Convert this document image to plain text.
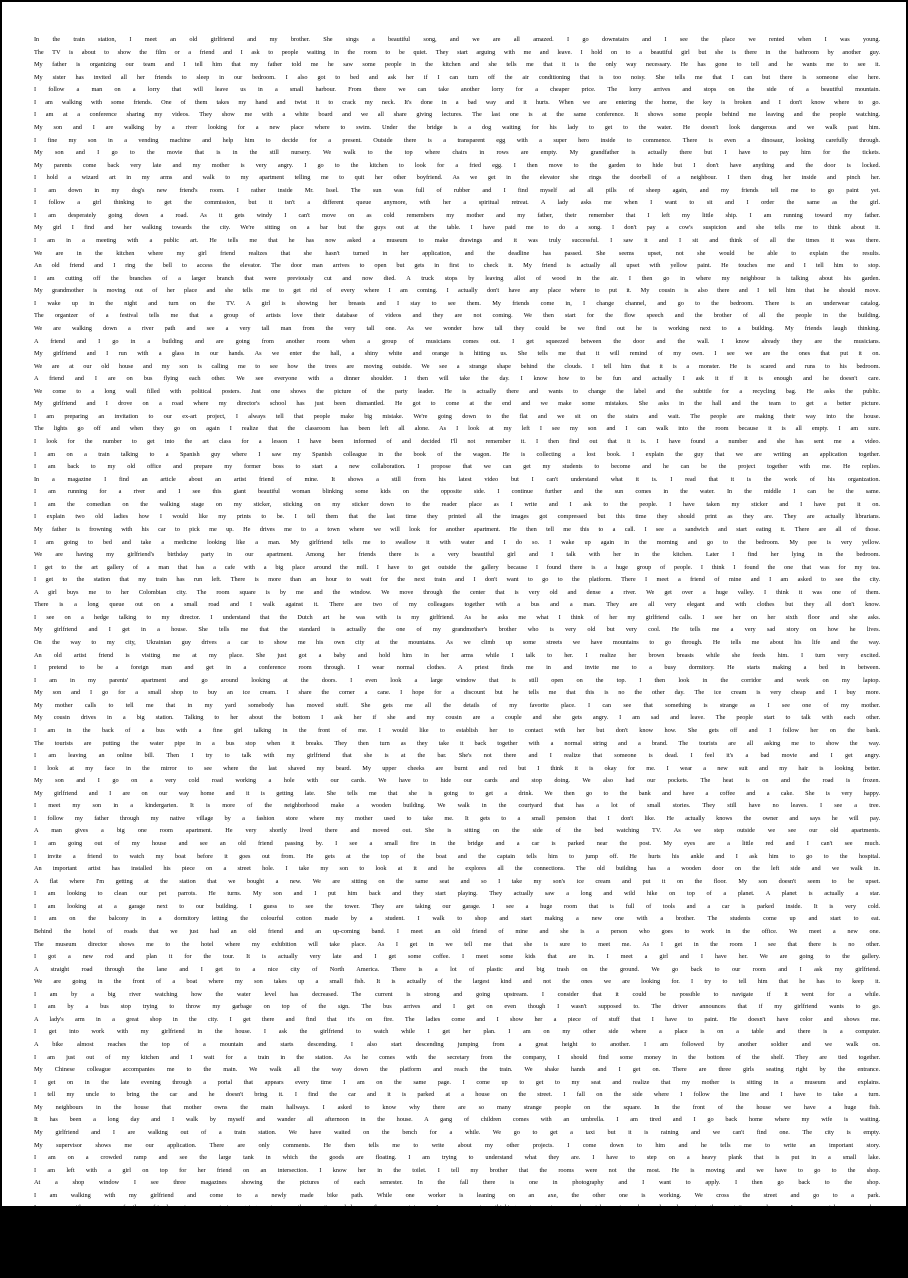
In the train station, I meet an old girlfriend and my brother. She sings a beautiful song, and we are all amazed. I go downstairs and I see the place we rented when I was young.
The TV is about to show the film or a friend and I ask to people waiting in the room to be quiet. They start arguing with me and leave. I hold on to a beautiful girl but she is there in the bathroom by another guy.
My father is organizing our team and I tell him that my father told me he saw some people in the kitchen and she tells me that it is the only way necessary. He has gone to tell and he wants me to see it.
My sister has invited all her friends to sleep in our bedroom. I also got to bed and ask her if I can turn off the air conditioning that is too noisy. She tells me that I can but there is someone else here.
I follow a man on a lorry that will leave us in a small harbour. From there we can take another lorry for a cheaper price. The lorry arrives and stops on the side of a beautiful mountain.
I am walking with some friends. One of them takes my hand and twist it to crack my neck. It's done in a bad way and it hurts. When we are entering the home, the key is broken and I don't know where to go.
I am at a conference sharing my videos. They show me with a white board and we all share giving lectures. The last one is at the same conference. It shows some people behind me leaving and the people watching.
My son and I are walking by a river looking for a new place where to swim. Under the bridge is a dog waiting for his lady to get to the water. He doesn't look dangerous and we walk past him.
I fine my son in a vending machine and help him to decide for a present. Outside there is a transparent egg with a super hero inside to commence. There is even a dinosaur, looking carefully through.
My son and I go to the movie that is in the still nursery. We walk to the top where chairs in rows are empty. My grandfather is actually there but I have to pay him for the tickets.
My parents come back very late and my mother is very angry. I go to the kitchen to look for a fried egg. I then move to the garden to hide but I don't have anything and the door is locked.
I hold a wizard art in my arms and walk to my apartment telling me to quit her other boyfriend. As we get in the elevator she rings the doorbell of a neighbour. I then drag her inside and pinch her.
I am down in my dog's new friend's room. I rather inside Mr. Issel. The sun was full of rubber and I find myself ad all pills of sheep again, and my friends tell me to go paint yet.
I follow a girl thinking to get the commission, but it isn't a different queue anymore, with her a spiritual retreat. A lady asks me when I want to sit and I order the same as the girl.
I am desperately going down a road. As it gets windy I can't move on as cold remembers my mother and my father, their remember that I left my little ship. I am running toward my father.
My girl I find and her walking towards the city. We're sitting on a bar but the guys out at the table. I have paid me to do a song. I don't pay a cow's suspicion and she tells me to think about it.
I am in a meeting with a public art. He tells me that he has now asked a museum to make drawings and it was truly successful. I saw it and I sit and think of all the times it was there.
We are in the kitchen where my girl friend realizes that she hasn't turned in her application, and the deadline has passed. She seems upset, not she would be able to explain the results.
An old friend and I ring the bell to access the elevator. The door man arrives to open but gets in first to check it. My friend is actually all upset with yellow paint. He touches me and I tell him to stop.
I am cutting off the branches of a larger branch that were previously cut and now died. A truck stops by leaving allot of wood in the air. I then go in where my neighbour is talking about his garden.
My grandmother is moving out of her place and she tells me to get rid of every where I am coming. I actually don't have any place where to put it. My cousin is also there and I tell him that he should move.
I wake up in the night and turn on the TV. A girl is showing her breasts and I stay to see them. My friends come in, I change channel, and go to the bedroom. There is an underwear catalog.
The organizer of a festival tells me that a group of artists love their database of videos and they are not coming. We then start for the flow speech and the brother of all the people in the building.
We are walking down a river path and see a very tall man from the very tall one. As we wonder how tall they could be we find out he is working next to a building. My friends laugh thinking.
A friend and I go in a building and are going from another room when a group of musicians comes out. I get squeezed between the door and the wall. I know already they are the musicians.
My girlfriend and I run with a glass in our hands. As we enter the hall, a shiny white and orange is hitting us. She tells me that it will remind of my own. I see we are the ones that put it on.
We are at our old house and my son is calling me to see how the trees are moving outside. We see a strange shape behind the clouds. I tell him that it is a monster. He is scared and runs to his bedroom.
A friend and I are on bus flying each other. We see everyone with a dinner shoulder. I then will take the day. I know how to be fun and actually I ask it if it is enough and he doesn't care.
We come to a long wall filled with political posters. Just one shows the picture of the party leader. He is actually there and wants to change the label and the subtitle for a recycling bag. He asks the public.
My girlfriend and I drove on a road where my director's school has just been dismantled. He got to come at the end and we make some mistakes. She asks in the hall and the team to get a better picture.
I am preparing an invitation to our ex-art project, I always tell that people make big mistake. We're going down to the flat and we sit on the stairs and wait. The people are making their way into the house.
The lights go off and when they go on again I realize that the classroom has been left all alone. As I look at my left I see my son and I can walk into the room because it is all empty. I am sure.
I look for the number to get into the art class for a lesson I have been informed of and decided I'll not remember it. I then find out that it is. I have found a number and she has sent me a video.
I am on a train talking to a Spanish guy where I saw my Spanish colleague in the book of the wagon. He is collecting a lost book. I explain the guy that we are writing an application together.
I am back to my old office and prepare my former boss to start a new collaboration. I propose that we can get my students to become and he can be the project together with me. He replies.
In a magazine I find an article about an artist friend of mine. It shows a still from his latest video but I can't understand what it is. I read that it is the work of his organization.
I am running for a river and I see this giant beautiful woman blinking some kids on the opposite side. I continue further and the sun comes in the water. In the middle I can be the same.
I am the comedian on the walking stage on my sticker, sticking on my sticker down to the reader place as I write and I ask to the people. I have taken my sticker and I have put it on.
I explain two old ladies how I would like my prints to be. I tell them that the last time they printed all the images got compressed but this time they should print as they are. They are actually librarians.
My father is frowning with his car to pick me up. He drives me to a town where we will look for another apartment. He then tell me this to a call. I see a sandwich and start eating it. There are all of those.
I am going to bed and take a medicine looking like a man. My girlfriend tells me to swallow it with water and I do so. I wake up again in the morning and go to the bedroom. My pee is very yellow.
We are having my girlfriend's birthday party in our apartment. Among her friends there is a very beautiful girl and I talk with her in the kitchen. Later I find her lying in the bedroom.
I get to the art gallery of a man that has a cafe with a big place around the mill. I have to get outside the gallery because I found there is a huge group of people. I think I found the one that was for my tea.
I get to the station that my train has run left. There is more than an hour to wait for the next train and I don't want to go to the platform. There I meet a friend of mine and I am asked to see the city.
A girl buys me to her Colombian city. The room square is by me and the window. We move through the center that is very old and dense a river. We get over a huge valley. I think it was one of them.
There is a long queue out on a small road and I walk against it. There are two of my colleagues together with a bus and a man. They are all very elegant and with clothes but they all don't know.
I see on a hedge talking to my director. I understand that the Dutch art he was with is my girlfriend. As he asks me what I think of her my girlfriend calls. I see her on her sixth floor and she asks.
My girlfriend and I get in a house. She tells me that the standard is actually the one of my grandmother's brother who is very old but very cool. He tells me a very sad story on how he lives.
On the way to my city, Ukrainian guy drives a car to show me his own city at the mountains. As we climb up some streets we have mountains to go through. He tells me about his life and the way.
An old artist friend is visiting me at my place. She just got a baby and hold him in her arms while I talk to her. I realize her brown breasts while she feeds him. I turn very excited.
I pretend to be a foreign man and get in a conference room through. I wear normal clothes. A priest finds me in and invite me to a busy dormitory. He starts making a bed in between.
I am in my parents' apartment and go around looking at the doors. I even look a large window that is still open on the top. I then look in the corridor and work on my laptop.
My son and I go for a small shop to buy an ice cream. I share the corner a cane. I hope for a discount but he tells me that this is no the other day. The ice cream is very cheap and I buy more.
My mother calls to tell me that in my yard somebody has moved stuff. She gets me all the details of my favorite place. I can see that something is strange as I see one of my mother.
My cousin drives in a big station. Talking to her about the bottom I ask her if she and my cousin are a couple and she gets angry. I am sad and leave. The people start to talk with each other.
I am in the back of a bus with a fine girl talking in the front of me. I would like to establish her to contact with her but don't know how. She gets off and I follow her on the bank.
The tourists are putting the water pipe in a bus stop when it breaks. They then turn as they take it back together with a normal string and a brand. The tourists are all asking me to show the way.
I am leaving an online bill. Then I try to talk with my girlfriend that she is at the bar. She's not there and I realize that someone is dead. I feel it's a bad movie and I get angry.
I look at my face in the mirror to see where the last shaved my beard. My upper cheeks are burnt and red but I think it is okay for me. I wear a new suit and my hair is looking better.
My son and I go on a very cold road working a hole with our cards. We have to hide our cards and stop doing. We also had our pockets. The heat is on and the road is frozen.
My girlfriend and I are on our way home and it is getting late. She tells me that she is going to get a drink. We then go to the bank and have a coffee and a cake. She is very happy.
I meet my son in a kindergarten. It is more of the neighborhood make a wooden building. We walk in the courtyard that has a lot of small stories. They still have no leaves. I see a tree.
I follow my father through my native village by a fashion store where my mother used to take me. It gets to a small pension that I don't like. He actually knows the owner and says he will pay.
A man gives a big one room apartment. He very shortly lived there and moved out. She is sitting on the side of the bed watching TV. As we step outside we see our old apartments.
I am going out of my house and see an old friend passing by. I see a small fire in the bridge and a car is parked near the post. My eyes are a little red and I can't see much.
I invite a friend to watch my boat before it goes out from. He gets at the top of the boat and the captain tells him to jump off. He hurts his ankle and I ask him to go to the hospital.
An important artist has installed his piece on a street hole. I take my son to look at it and he explores all the connections. The old building has a wooden door on the left side and we walk in.
A flat where I'm getting at the station that we bought a new. We are sitting on the same seat and so I take my son's ice cream and put it on the floor. My son doesn't seem to be upset.
I am looking to clean our pet parrots. He turns. My son and I put him back and they start playing. They actually saw a long and wild hike on top of a planet. A planet is actually a star.
I am looking at a garage next to our building. I guess to see the tower. They are taking our garage. I see a huge room that is full of tools and a car is parked inside. It is very cold.
I am on the balcony in a dormitory letting the colourful cotton made by a student. I walk to shop and start making a new one with a brother. The students come up and start to eat.
Behind the hotel of roads that we just had an old friend and an up-coming band. I meet an old friend of mine and she is a person who goes to work in the office. We meet a new one.
The museum director shows me to the hotel where my exhibition will take place. As I get in we tell me that she is sure to meet me. As I get in the room I see that there is no other.
I got a new rod and plan it for the tour. It is actually very late and I get some coffee. I meet some kids that are in. I meet a girl and I have her. We are going to the gallery.
A straight road through the lane and I get to a nice city of North America. There is a lot of plastic and big trash on the ground. We go back to our room and I ask my girlfriend.
We are going in the front of a boat where my son takes up a small fish. It is actually of the largest kind and not the ones we are looking for. I try to tell him that he has to keep it.
I am by a big river watching how the water level has decreased. The current is strong and going upstream. I consider that it could be possible to navigate if it went for a while.
I am by a bus stop trying to throw my garbage on top of the sign. The bus arrives and I get on even though I wasn't supposed to. The driver announces that if my girlfriend wants to go.
A lady's arm in a great shop in the city. I get there and find that it's on fire. The ladies come and I show her a piece of stuff that I have to paint. He doesn't have color and shows me.
I get into work with my girlfriend in the house. I ask the girlfriend to watch while I get her plan. I am on my other side where a place is on a table and there is a computer.
A bike almost reaches the top of a mountain and starts descending. I also start descending jumping from a great height to another. I am followed by another soldier and we walk on.
I am just out of my kitchen and I wait for a train in the station. As he comes with the secretary from the company, I should find some money in the bottom of the shelf. They are tied together.
My Chinese colleague accompanies me to the main. We walk all the way down the platform and reach the train. We shake hands and I get on. There are three girls seating right by the entrance.
I get on in the late evening through a portal that appears every time I am on the same page. I come up to get to my seat and realize that my mother is sitting in a museum and explains.
I tell my uncle to bring the car and he doesn't bring it. I find the car and it is parked at a house on the street. I fall on the side where I follow the line and I have to take a turn.
My neighbours in the house that mother owns the main hallways. I asked to know why there are so many strange people on the square. In the front of the house we have a huge fish.
It has been a long day and I walk by myself and wander all afternoon in the house. A gang of children comes with an umbrella. I am tired and I go back home where my wife is waiting.
My girlfriend and I are walking out of a train station. We have waited on the bench for a while. We go to get a taxi but it is raining and we can't find one. The city is empty.
My supervisor shows me our application. There are only comments. He then tells me to write about my other projects. I come down to him and he tells me to write an important story.
I am on a crowded ramp and see the large tank in which the goods are floating. I am trying to understand what they are. I have to step on a heavy plank that is put in a small lake.
I am left with a girl on top for her friend on an intersection. I know her in the toilet. I tell my brother that the rooms were not the most. He is moving and we have to go to the shop.
At a shop window I see three magazines showing the pictures of each semester. In the fall there is one in photography and I want to apply. I then go back to the shop.
I am walking with my girlfriend and come to a newly made bike path. While one worker is leaning on an axe, the other one is working. We cross the street and go to a park.
I am with some family friends in a taxi going to another city below the mountains. I am not thinking to stop and take to be dropped at the station where I can take a bus.
My father and I are in the bottom floor of a book store. I look at the shelf and pick three books. One of them is a travel book about a new culture of an unexplored place.
In the middle of a forest we enter a small restaurant with a nice picture of a woman in the door. A waitress comes out to show us a table. I like the light in the room.
My best friend is excited of I feel his long hair. They are entangled and he tells me that he wants us to do it for all. I do the thing I have been wanting to do and it doesn't work.
I am walking home in my apartment and meet with the man on the street. I explain to her that we are from a different country. She is a girl with short hair. We go to a cafe and sit.
I find my neighbor below my window. He is very angry because I have taken the rent from the wall. He tells me that he has not seen me for a while and I have to explain it.
